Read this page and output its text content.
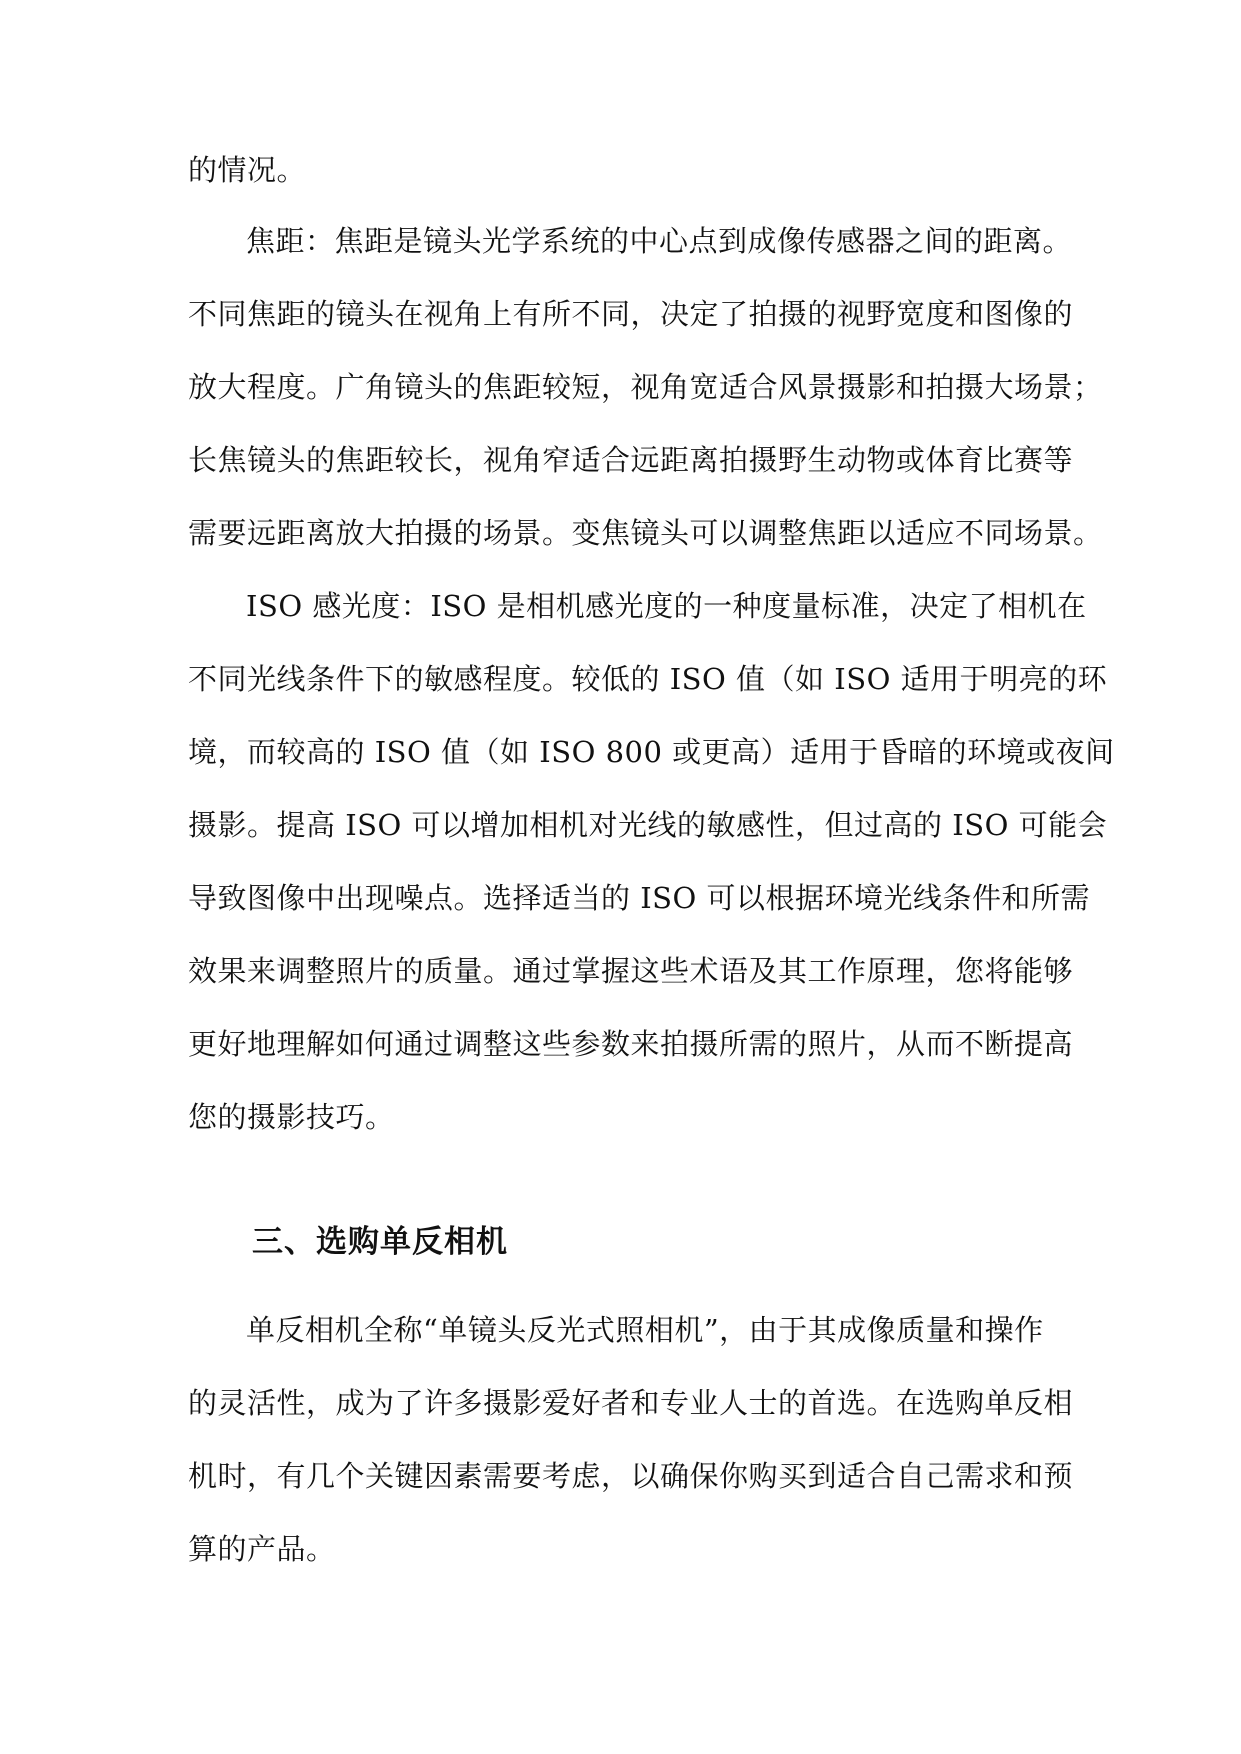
的情况。
焦距：焦距是镜头光学系统的中心点到成像传感器之间的距离。
不同焦距的镜头在视角上有所不同，决定了拍摄的视野宽度和图像的
放大程度。广角镜头的焦距较短，视角宽适合风景摄影和拍摄大场景；
长焦镜头的焦距较长，视角窄适合远距离拍摄野生动物或体育比赛等
需要远距离放大拍摄的场景。变焦镜头可以调整焦距以适应不同场景。
ISO 感光度：ISO 是相机感光度的一种度量标准，决定了相机在
不同光线条件下的敏感程度。较低的 ISO 值（如 ISO 适用于明亮的环
境，而较高的 ISO 值（如 ISO 800 或更高）适用于昏暗的环境或夜间
摄影。提高 ISO 可以增加相机对光线的敏感性，但过高的 ISO 可能会
导致图像中出现噪点。选择适当的 ISO 可以根据环境光线条件和所需
效果来调整照片的质量。通过掌握这些术语及其工作原理，您将能够
更好地理解如何通过调整这些参数来拍摄所需的照片，从而不断提高
您的摄影技巧。
三、选购单反相机
单反相机全称“单镜头反光式照相机”，由于其成像质量和操作
的灵活性，成为了许多摄影爱好者和专业人士的首选。在选购单反相
机时，有几个关键因素需要考虑，以确保你购买到适合自己需求和预
算的产品。
